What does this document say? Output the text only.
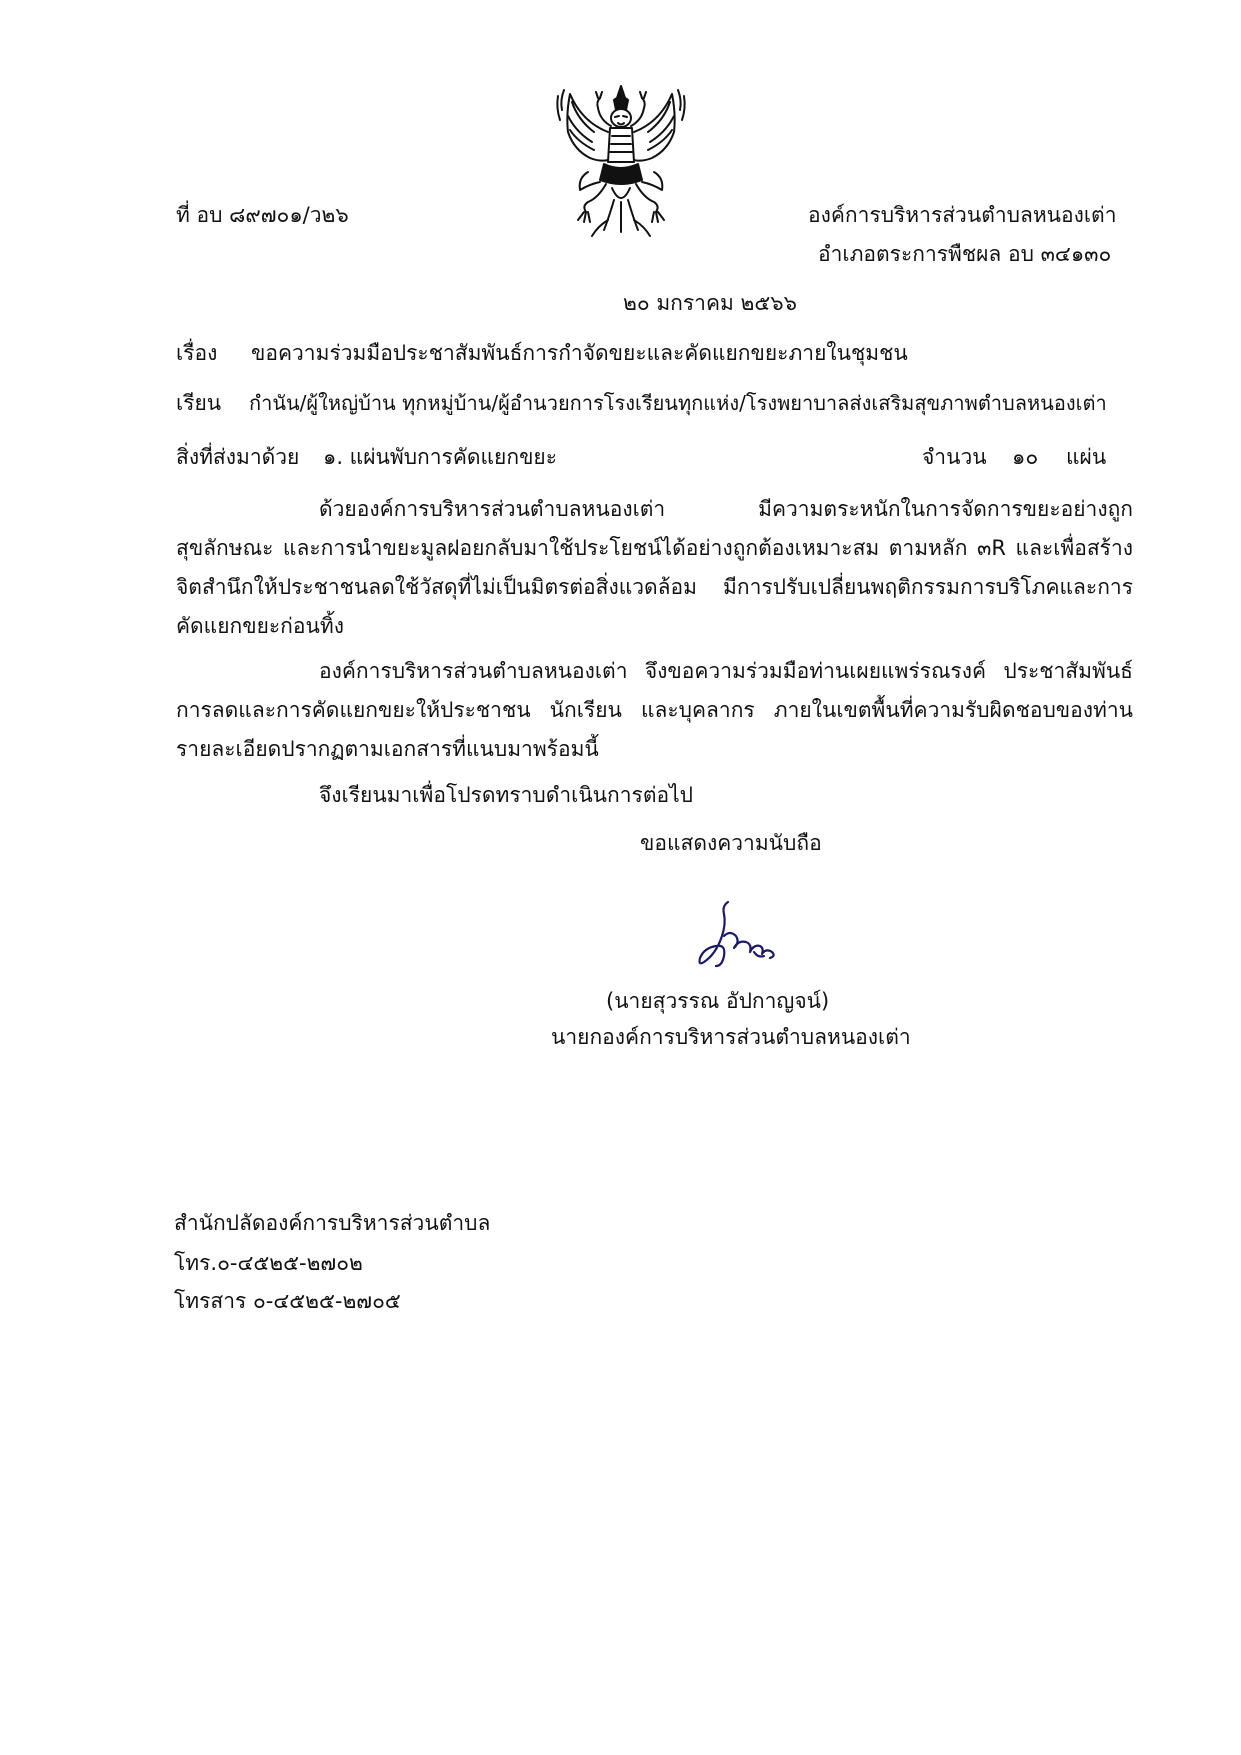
ที่ อบ ๘๙๗๐๑/ว๒๖	องค์การบริหารส่วนตำบลหนองเต่า
อำเภอตระการพืชผล อบ ๓๔๑๓๐
๒๐ มกราคม ๒๕๖๖
เรื่อง ขอความร่วมมือประชาสัมพันธ์การกำจัดขยะและคัดแยกขยะภายในชุมชน
เรียน กำนัน/ผู้ใหญ่บ้าน ทุกหมู่บ้าน/ผู้อำนวยการโรงเรียนทุกแห่ง/โรงพยาบาลส่งเสริมสุขภาพตำบลหนองเต่า
สิ่งที่ส่งมาด้วย ๑. แผ่นพับการคัดแยกขยะ	จำนวน ๑๐ แผ่น
ด้วยองค์การบริหารส่วนตำบลหนองเต่า มีความตระหนักในการจัดการขยะอย่างถูกสุขลักษณะ และการนำขยะมูลฝอยกลับมาใช้ประโยชน์ได้อย่างถูกต้องเหมาะสม ตามหลัก ๓R และเพื่อสร้างจิตสำนึกให้ประชาชนลดใช้วัสดุที่ไม่เป็นมิตรต่อสิ่งแวดล้อม มีการปรับเปลี่ยนพฤติกรรมการบริโภคและการคัดแยกขยะก่อนทิ้ง
องค์การบริหารส่วนตำบลหนองเต่า จึงขอความร่วมมือท่านเผยแพร่รณรงค์ ประชาสัมพันธ์ การลดและการคัดแยกขยะให้ประชาชน นักเรียน และบุคลากร ภายในเขตพื้นที่ความรับผิดชอบของท่าน รายละเอียดปรากฏตามเอกสารที่แนบมาพร้อมนี้
จึงเรียนมาเพื่อโปรดทราบดำเนินการต่อไป
ขอแสดงความนับถือ
(นายสุวรรณ อัปกาญจน์)
นายกองค์การบริหารส่วนตำบลหนองเต่า
สำนักปลัดองค์การบริหารส่วนตำบล
โทร.๐-๔๕๒๕-๒๗๐๒
โทรสาร ๐-๔๕๒๕-๒๗๐๕
